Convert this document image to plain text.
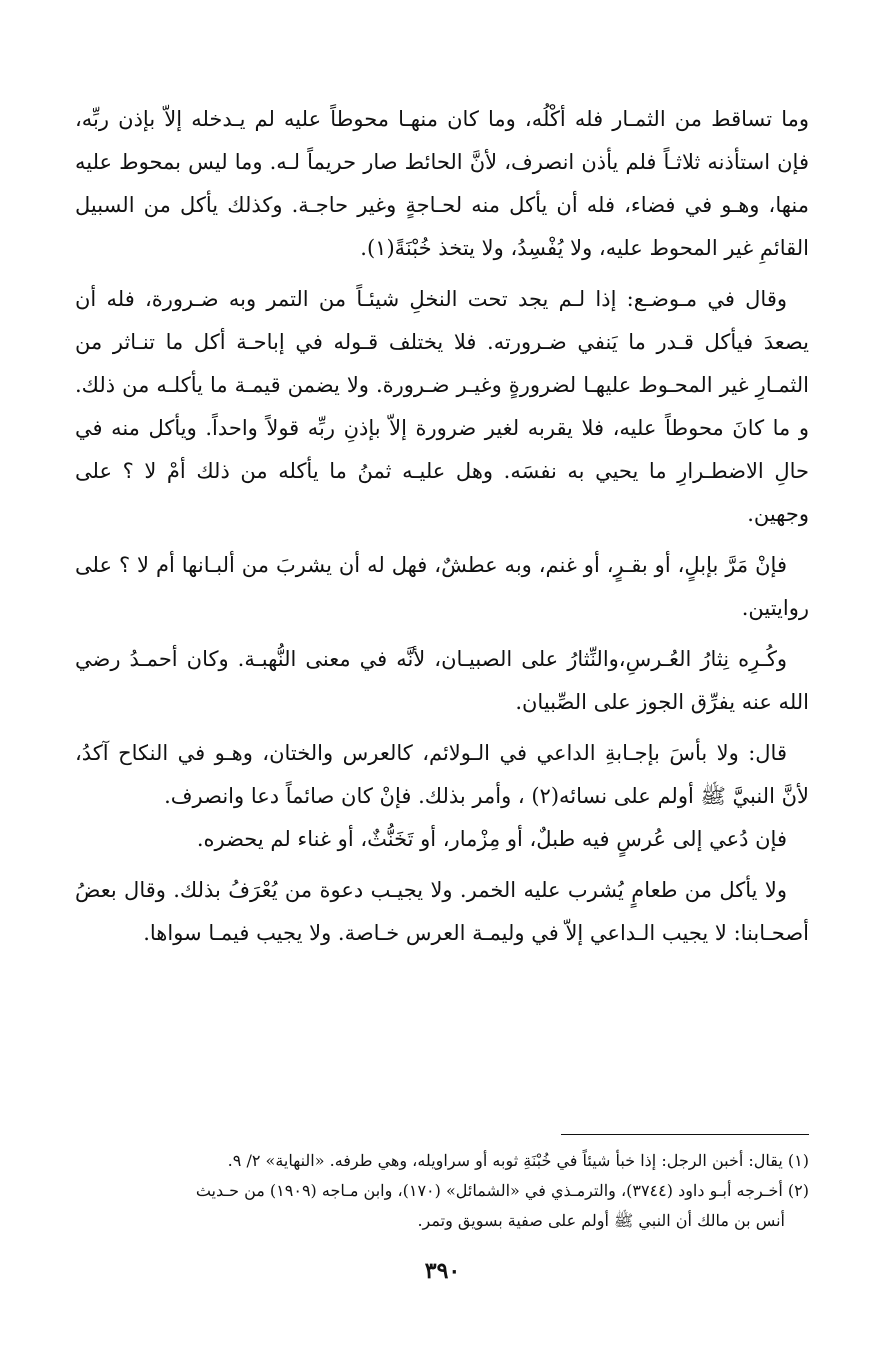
وما تساقط من الثمـار فله أكْلُه، وما كان منهـا محوطاً عليه لم يـدخله إلاّ بإذن ربِّه، فإن استأذنه ثلاثـاً فلم يأذن انصرف، لأنَّ الحائط صار حريماً لـه. وما ليس بمحوط عليه منها، وهـو في فضاء، فله أن يأكل منه لحـاجةٍ وغير حاجـة. وكذلك يأكل من السبيل القائمِ غير المحوط عليه، ولا يُفْسِدُ، ولا يتخذ خُبْنَةً(١).

وقال في مـوضـع: إذا لـم يجد تحت النخلِ شيئـاً من التمر وبه ضـرورة، فله أن يصعدَ فيأكل قـدر ما يَنفي ضـرورته. فلا يختلف قـوله في إباحـة أكل ما تنـاثر من الثمـارِ غير المحـوط عليهـا لضرورةٍ وغيـر ضـرورة. ولا يضمن قيمـة ما يأكلـه من ذلك. و ما كانَ محوطاً عليه، فلا يقربه لغير ضرورة إلاّ بإذنِ ربِّه قولاً واحداً. ويأكل منه في حالِ الاضطـرارِ ما يحيي به نفسَه. وهل عليـه ثمنُ ما يأكله من ذلك أمْ لا ؟ على وجهين.

فإنْ مَرَّ بإبلٍ، أو بقـرٍ، أو غنم، وبه عطشٌ، فهل له أن يشربَ من ألبـانها أم لا ؟ على روايتين.

وكُـرِه نِثارُ العُـرسِ،والنِّثارُ على الصبيـان، لأنَّه في معنى النُّهبـة. وكان أحمـدُ رضي الله عنه يفرِّق الجوز على الصِّبيان.

قال: ولا بأسَ بإجـابةِ الداعي في الـولائم، كالعرس والختان، وهـو في النكاح آكدُ، لأنَّ النبيَّ ﷺ أولم على نسائه(٢) ، وأمر بذلك. فإنْ كان صائماً دعا وانصرف.

فإن دُعي إلى عُرسٍ فيه طبلٌ، أو مِزْمار، أو تَخَنُّثٌ، أو غناء لم يحضره.

ولا يأكل من طعامٍ يُشرب عليه الخمر. ولا يجيـب دعوة من يُعْرَفُ بذلك. وقال بعضُ أصحـابنا: لا يجيب الـداعي إلاّ في وليمـة العرس خـاصة. ولا يجيب فيمـا سواها.

(١) يقال: أخبن الرجل: إذا خبأ شيئاً في خُبْنَةِ ثوبه أو سراويله، وهي طرفه. «النهاية» ٢/ ٩.

(٢) أخـرجه أبـو داود (٣٧٤٤)، والترمـذي في «الشمائل» (١٧٠)، وابن مـاجه (١٩٠٩) من حـديث
أنس بن مالك أن النبي ﷺ أولم على صفية بسويق وتمر.

٣٩٠
